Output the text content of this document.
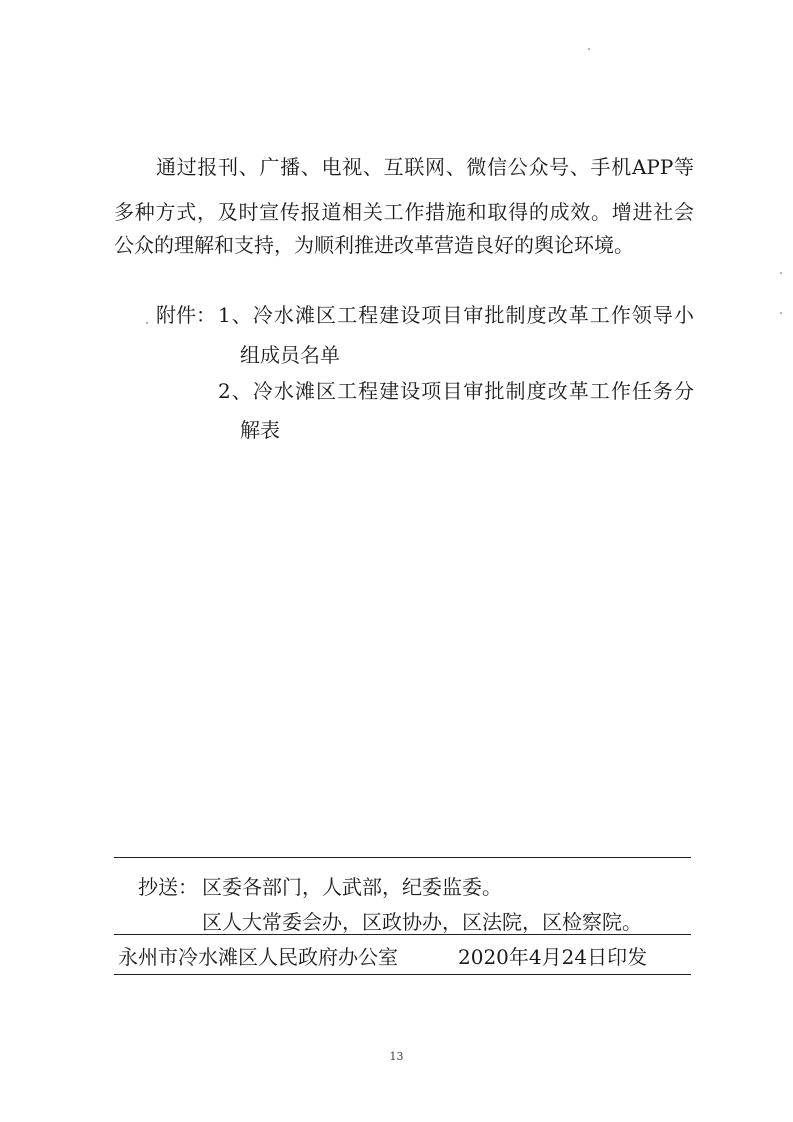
通过报刊、广播、电视、互联网、微信公众号、手机APP等
多种方式，及时宣传报道相关工作措施和取得的成效。增进社会
公众的理解和支持，为顺利推进改革营造良好的舆论环境。
附件： 1、冷水滩区工程建设项目审批制度改革工作领导小
组成员名单
2、冷水滩区工程建设项目审批制度改革工作任务分
解表
抄送： 区委各部门，人武部，纪委监委。
区人大常委会办，区政协办，区法院，区检察院。
永州市冷水滩区人民政府办公室	2020年4月24日印发
13
